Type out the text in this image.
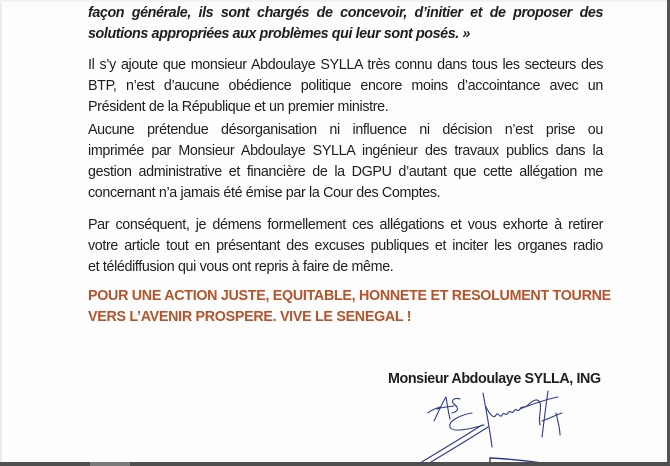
façon générale, ils sont chargés de concevoir, d’initier et de proposer des
solutions appropriées aux problèmes qui leur sont posés. »
Il s’y ajoute que monsieur Abdoulaye SYLLA très connu dans tous les secteurs des
BTP, n’est d’aucune obédience politique encore moins d’accointance avec un
Président de la République et un premier ministre.
Aucune prétendue désorganisation ni influence ni décision n’est prise ou
imprimée par Monsieur Abdoulaye SYLLA ingénieur des travaux publics dans la
gestion administrative et financière de la DGPU d’autant que cette allégation me
concernant n’a jamais été émise par la Cour des Comptes.
Par conséquent, je démens formellement ces allégations et vous exhorte à retirer
votre article tout en présentant des excuses publiques et inciter les organes radio
et télédiffusion qui vous ont repris à faire de même.
POUR UNE ACTION JUSTE, EQUITABLE, HONNETE ET RESOLUMENT TOURNE
VERS L’AVENIR PROSPERE. VIVE LE SENEGAL !
Monsieur Abdoulaye SYLLA, ING
